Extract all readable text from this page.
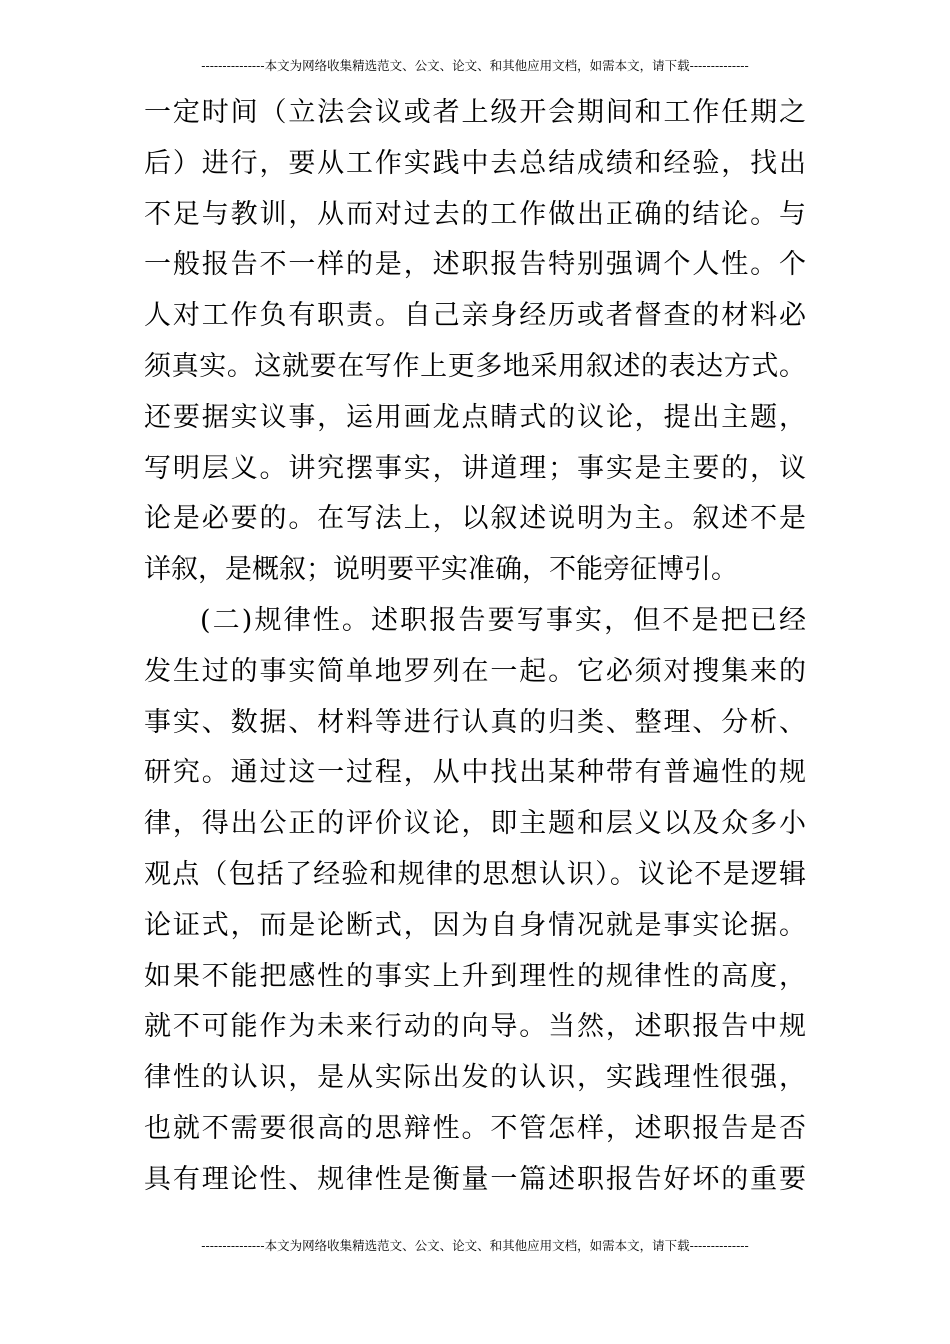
---------------本文为网络收集精选范文、公文、论文、和其他应用文档，如需本文，请下载--------------
一定时间（立法会议或者上级开会期间和工作任期之
后）进行，要从工作实践中去总结成绩和经验，找出
不足与教训，从而对过去的工作做出正确的结论。与
一般报告不一样的是，述职报告特别强调个人性。个
人对工作负有职责。自己亲身经历或者督查的材料必
须真实。这就要在写作上更多地采用叙述的表达方式。
还要据实议事，运用画龙点睛式的议论，提出主题，
写明层义。讲究摆事实，讲道理；事实是主要的，议
论是必要的。在写法上，以叙述说明为主。叙述不是
详叙，是概叙；说明要平实准确，不能旁征博引。
(二)规律性。述职报告要写事实，但不是把已经
发生过的事实简单地罗列在一起。它必须对搜集来的
事实、数据、材料等进行认真的归类、整理、分析、
研究。通过这一过程，从中找出某种带有普遍性的规
律，得出公正的评价议论，即主题和层义以及众多小
观点（包括了经验和规律的思想认识）。议论不是逻辑
论证式，而是论断式，因为自身情况就是事实论据。
如果不能把感性的事实上升到理性的规律性的高度，
就不可能作为未来行动的向导。当然，述职报告中规
律性的认识，是从实际出发的认识，实践理性很强，
也就不需要很高的思辩性。不管怎样，述职报告是否
具有理论性、规律性是衡量一篇述职报告好坏的重要
---------------本文为网络收集精选范文、公文、论文、和其他应用文档，如需本文，请下载--------------
